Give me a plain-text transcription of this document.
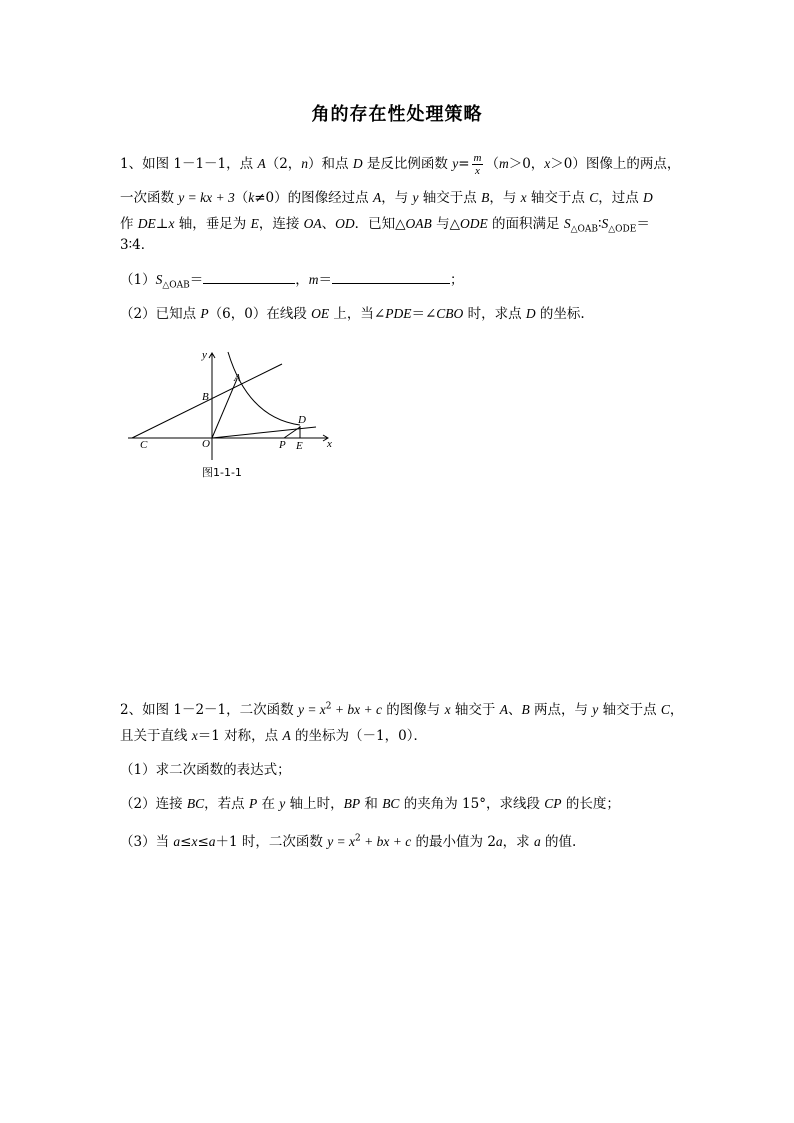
角的存在性处理策略
1、如图 1－1－1，点 A（2，n）和点 D 是反比例函数 $y= \frac{m}{x} (m>0$，x＞0）图像上的两点，
一次函数 y = kx + 3（k≠0）的图像经过点 A，与 y 轴交于点 B，与 x 轴交于点 C，过点 D
作 DE⊥x 轴，垂足为 E，连接 OA、OD．已知△OAB 与△ODE 的面积满足 $S_{\triangle OAB}∶S_{\triangle ODE}=$
3∶4．
$(1)S_{\triangle OAB}=$	，m＝	；
（2）已知点 P（6，0）在线段 OE 上，当∠PDE＝∠CBO 时，求点 D 的坐标.
y
x
A
B
C	O
D
P E
图1-1-1
2、如图 1－2－1，二次函数 $y = x^2$ + bx + c 的图像与 x 轴交于 A、B 两点，与 y 轴交于点 C，
且关于直线 x＝1 对称，点 A 的坐标为（－1，0）．
（1）求二次函数的表达式；
（2）连接 BC，若点 P 在 y 轴上时，BP 和 BC 的夹角为 15°，求线段 CP 的长度；
（3）当 a≤x≤a＋1 时，二次函数 $y = x^2$ + bx + c 的最小值为 2a，求 a 的值.
